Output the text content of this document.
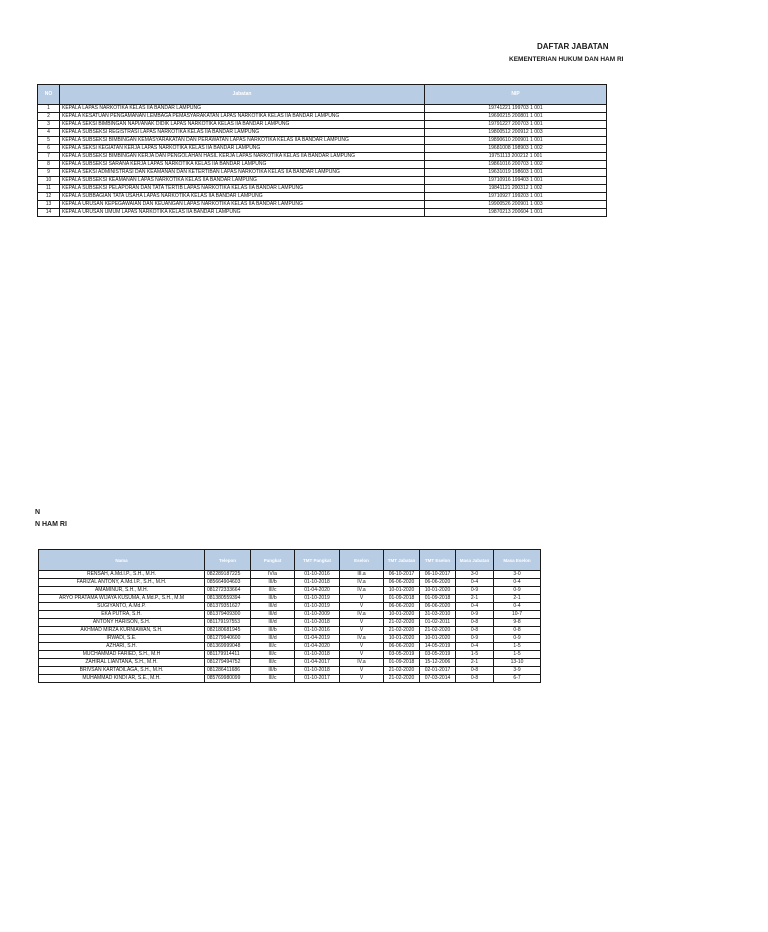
DAFTAR JABATAN
KEMENTERIAN HUKUM DAN HAM RI
NO	Jabatan	NIP
1	KEPALA LAPAS NARKOTIKA KELAS IIA BANDAR LAMPUNG	19741221 199703 1 001
2	KEPALA KESATUAN PENGAMANAN LEMBAGA PEMASYARAKATAN LAPAS NARKOTIKA KELAS IIA BANDAR LAMPUNG	19690215 200801 1 001
3	KEPALA SEKSI BIMBINGAN NAPI/ANAK DIDIK LAPAS NARKOTIKA KELAS IIA BANDAR LAMPUNG	19791227 200703 1 001
4	KEPALA SUBSEKSI REGISTRASI LAPAS NARKOTIKA KELAS IIA BANDAR LAMPUNG	19800512 200912 1 003
5	KEPALA SUBSEKSI BIMBINGAN KEMASYARAKATAN DAN PERAWATAN LAPAS NARKOTIKA KELAS IIA BANDAR LAMPUNG	19890610 200901 1 001
6	KEPALA SEKSI KEGIATAN KERJA LAPAS NARKOTIKA KELAS IIA BANDAR LAMPUNG	19681008 198903 1 002
7	KEPALA SUBSEKSI BIMBINGAN KERJA DAN PENGOLAHAN HASIL KERJA LAPAS NARKOTIKA KELAS IIA BANDAR LAMPUNG	19751113 200212 1 001
8	KEPALA SUBSEKSI SARANA KERJA LAPAS NARKOTIKA KELAS IIA BANDAR LAMPUNG	19861016 200703 1 002
9	KEPALA SEKSI ADMINISTRASI DAN KEAMANAN DAN KETERTIBAN LAPAS NARKOTIKA KELAS IIA BANDAR LAMPUNG	19631019 198603 1 001
10	KEPALA SUBSEKSI KEAMANAN LAPAS NARKOTIKA KELAS IIA BANDAR LAMPUNG	19710916 199403 1 001
11	KEPALA SUBSEKSI PELAPORAN DAN TATA TERTIB LAPAS NARKOTIKA KELAS IIA BANDAR LAMPUNG	19841121 200312 1 002
12	KEPALA SUBBAGIAN TATA USAHA LAPAS NARKOTIKA KELAS IIA BANDAR LAMPUNG	19710927 199203 1 001
13	KEPALA URUSAN KEPEGAWAIAN DAN KEUANGAN LAPAS NARKOTIKA KELAS IIA BANDAR LAMPUNG	19900526 200901 1 003
14	KEPALA URUSAN UMUM LAPAS NARKOTIKA KELAS IIA BANDAR LAMPUNG	19870213 200604 1 001
N
N HAM RI
Nama	Telepon	Pangkat	TMT Pangkat	Eselon	TMT Jabatan	TMT Eselon	Masa Jabatan	Masa Eselon
RENSAH, A.Md.I.P., S.H., M.H.	082289187225	IV/a	01-10-2016	III.a	06-10-2017	06-10-2017	3-0	3-0
FARIZAL ANTONY, A.Md.I.P., S.H., M.H.	085664904603	III/b	01-10-2018	IV.a	06-06-2020	06-06-2020	0-4	0-4
AMAMINUR, S.H., M.H.	081272333664	III/c	01-04-2020	IV.a	10-01-2020	10-01-2020	0-9	0-9
ARYO PRATAMA WIJAYA KUSUMA, A.Md.P., S.H., M.M	081380559394	III/b	01-10-2019	V	01-09-2018	01-09-2018	2-1	2-1
SUGIYANTO, A.Md.P.	081379351627	III/d	01-10-2019	V	06-06-2020	06-06-2020	0-4	0-4
EKA PUTRA, S.H.	081379409300	III/d	01-10-2009	IV.a	10-01-2020	31-03-2010	0-9	10-7
ANTONY HARISON, S.H.	081179197553	III/d	01-10-2018	V	21-02-2020	01-02-2011	0-8	9-8
AKHMAD MIRZA KURNIAWAN, S.H.	082180681945	III/b	01-10-2016	V	21-02-2020	21-02-2020	0-8	0-8
IRWADI, S.E.	081279940600	III/d	01-04-2019	IV.a	10-01-2020	10-01-2020	0-9	0-9
AZHARI, S.H.	081369999048	III/c	01-04-2020	V	06-06-2020	14-05-2019	0-4	1-5
MUCHAMMAD FARIED, S.H., M.H	081179914411	III/c	01-10-2018	V	03-05-2019	03-05-2019	1-5	1-5
ZAHIRAL LIANTANA, S.H., M.H.	081279494752	III/c	01-04-2017	IV.a	01-09-2018	15-12-2006	2-1	13-10
BRIVSAN KARTADILAGA, S.H., M.H.	081286411686	III/b	01-10-2018	V	21-02-2020	02-01-2017	0-8	3-9
MUHAMMAD KINDI AR, S.E., M.H.	085769980099	III/c	01-10-2017	V	21-02-2020	07-03-2014	0-8	6-7
